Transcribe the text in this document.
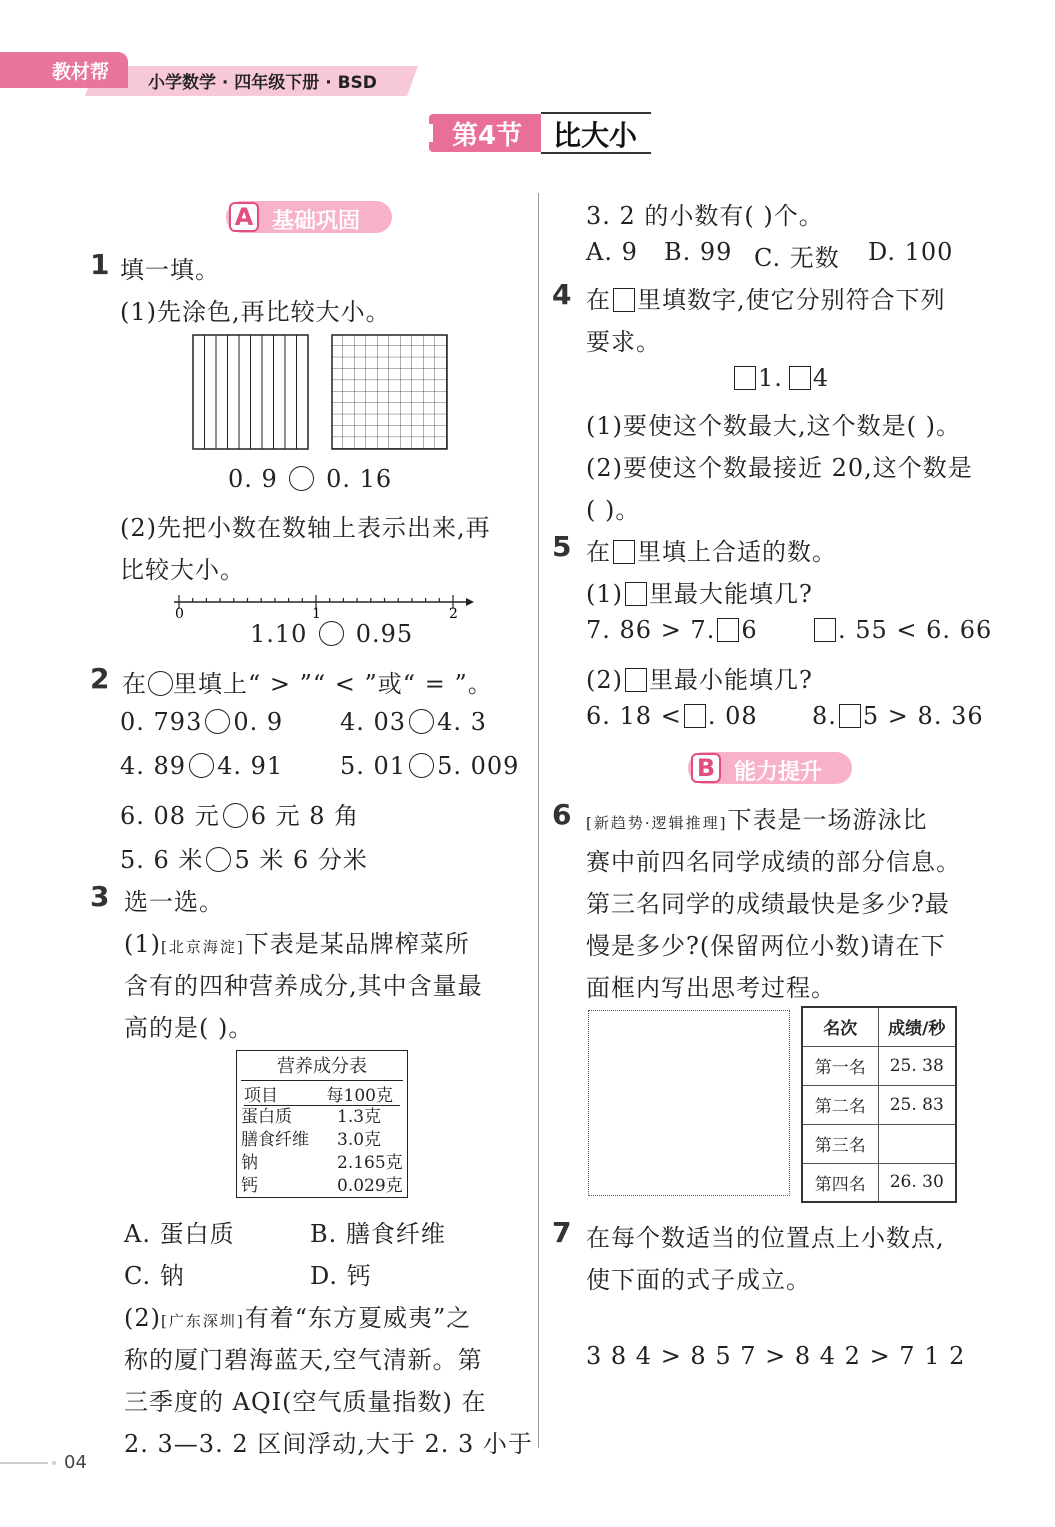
教材帮 小学数学 · 四年级下册 · BSD
第4节 比大小
A 基础巩固
1 填一填。
(1)先涂色,再比较大小。
0. 9 0. 16
(2)先把小数在数轴上表示出来,再
比较大小。
0	1	2
1.10 0.95
2 在 里填上“ > ”“ < ”或“ = ”。
0. 793 0. 9 4. 03 4. 3
4. 89 4. 91 5. 01 5. 009
6. 08 元 6 元 8 角
5. 6 米 5 米 6 分米
3 选一选。
(1)[北京海淀]下表是某品牌榨菜所
含有的四种营养成分,其中含量最
高的是( )。
营养成分表
项目	每100克
蛋白质	1.3克
膳食纤维	3.0克
钠	2.165克
钙	0.029克
A. 蛋白质	B. 膳食纤维
C. 钠	D. 钙
(2)[广东深圳]有着“东方夏威夷”之
称的厦门碧海蓝天,空气清新。第
三季度的 AQI(空气质量指数) 在
2. 3—3. 2 区间浮动,大于 2. 3 小于
3. 2 的小数有( )个。
A. 9 B. 99 C. 无数 D. 100
4 在 里填数字,使它分别符合下列
要求。
1. 4
(1)要使这个数最大,这个数是( )。
(2)要使这个数最接近 20,这个数是
( )。
5 在 里填上合适的数。
(1) 里最大能填几?
7. 86 > 7. 6	. 55 < 6. 66
(2) 里最小能填几?
6. 18 < . 08 8. 5 > 8. 36
B 能力提升
6 [新趋势·逻辑推理]下表是一场游泳比
赛中前四名同学成绩的部分信息。
第三名同学的成绩最快是多少?最
慢是多少?(保留两位小数)请在下
面框内写出思考过程。
名次	成绩/秒
第一名	25. 38
第二名	25. 83
第三名	
第四名	26. 30
7 在每个数适当的位置点上小数点,
使下面的式子成立。
3 8 4 > 8 5 7 > 8 4 2 > 7 1 2
04
